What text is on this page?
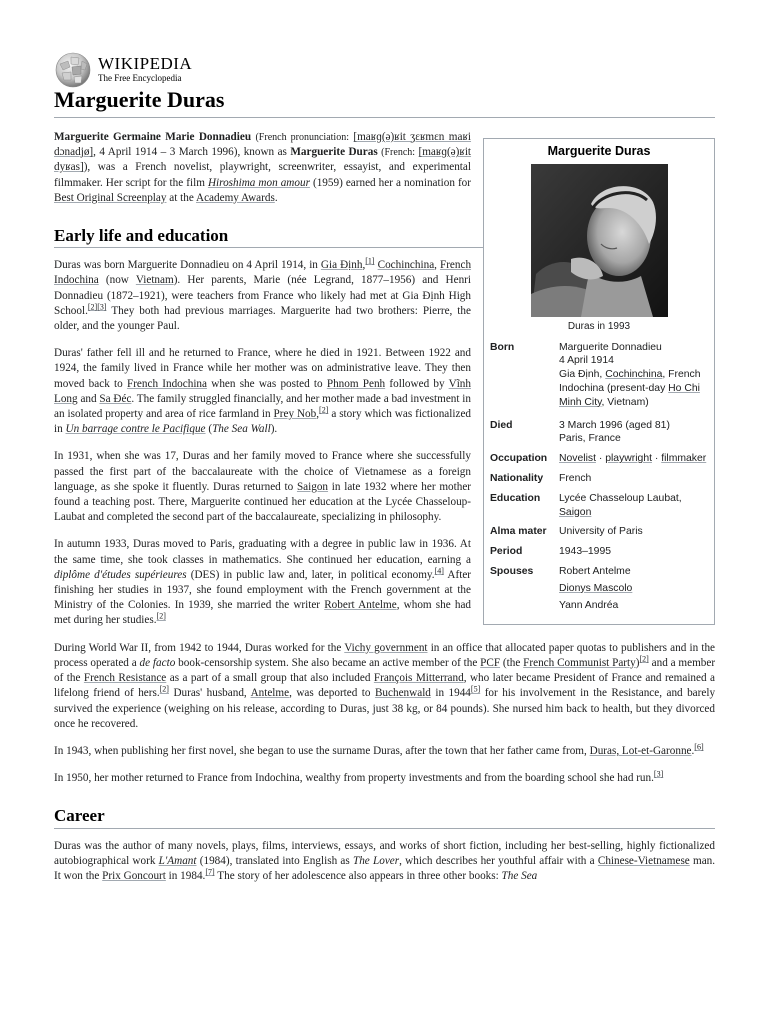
WIKIPEDIA
The Free Encyclopedia
Marguerite Duras
Marguerite Duras
Duras in 1993
Born	Marguerite Donnadieu
4 April 1914
Gia Định, Cochinchina, French Indochina (present-day Ho Chi Minh City, Vietnam)
Died	3 March 1996 (aged 81)
Paris, France
Occupation	Novelist · playwright · filmmaker
Nationality	French
Education	Lycée Chasseloup Laubat,
Saigon
Alma mater	University of Paris
Period	1943–1995
Spouses	Robert Antelme
Dionys Mascolo
Yann Andréa

Marguerite Germaine Marie Donnadieu (French pronunciation: [maʁɡ(ə)ʁit ʒɛʁmɛn maʁi dɔnadjø], 4 April 1914 – 3 March 1996), known as Marguerite Duras (French: [maʁɡ(ə)ʁit dyʁas]), was a French novelist, playwright, screenwriter, essayist, and experimental filmmaker. Her script for the film Hiroshima mon amour (1959) earned her a nomination for Best Original Screenplay at the Academy Awards.

Early life and education

Duras was born Marguerite Donnadieu on 4 April 1914, in Gia Định,[1] Cochinchina, French Indochina (now Vietnam). Her parents, Marie (née Legrand, 1877–1956) and Henri Donnadieu (1872–1921), were teachers from France who likely had met at Gia Định High School.[2][3] They both had previous marriages. Marguerite had two brothers: Pierre, the older, and the younger Paul.

Duras' father fell ill and he returned to France, where he died in 1921. Between 1922 and 1924, the family lived in France while her mother was on administrative leave. They then moved back to French Indochina when she was posted to Phnom Penh followed by Vĩnh Long and Sa Đéc. The family struggled financially, and her mother made a bad investment in an isolated property and area of rice farmland in Prey Nob,[2] a story which was fictionalized in Un barrage contre le Pacifique (The Sea Wall).

In 1931, when she was 17, Duras and her family moved to France where she successfully passed the first part of the baccalaureate with the choice of Vietnamese as a foreign language, as she spoke it fluently. Duras returned to Saigon in late 1932 where her mother found a teaching post. There, Marguerite continued her education at the Lycée Chasseloup-Laubat and completed the second part of the baccalaureate, specializing in philosophy.

In autumn 1933, Duras moved to Paris, graduating with a degree in public law in 1936. At the same time, she took classes in mathematics. She continued her education, earning a diplôme d'études supérieures (DES) in public law and, later, in political economy.[4] After finishing her studies in 1937, she found employment with the French government at the Ministry of the Colonies. In 1939, she married the writer Robert Antelme, whom she had met during her studies.[2]

During World War II, from 1942 to 1944, Duras worked for the Vichy government in an office that allocated paper quotas to publishers and in the process operated a de facto book-censorship system. She also became an active member of the PCF (the French Communist Party)[2] and a member of the French Resistance as a part of a small group that also included François Mitterrand, who later became President of France and remained a lifelong friend of hers.[2] Duras' husband, Antelme, was deported to Buchenwald in 1944[5] for his involvement in the Resistance, and barely survived the experience (weighing on his release, according to Duras, just 38 kg, or 84 pounds). She nursed him back to health, but they divorced once he recovered.

In 1943, when publishing her first novel, she began to use the surname Duras, after the town that her father came from, Duras, Lot-et-Garonne.[6]

In 1950, her mother returned to France from Indochina, wealthy from property investments and from the boarding school she had run.[3]

Career

Duras was the author of many novels, plays, films, interviews, essays, and works of short fiction, including her best-selling, highly fictionalized autobiographical work L'Amant (1984), translated into English as The Lover, which describes her youthful affair with a Chinese-Vietnamese man. It won the Prix Goncourt in 1984.[7] The story of her adolescence also appears in three other books: The Sea
